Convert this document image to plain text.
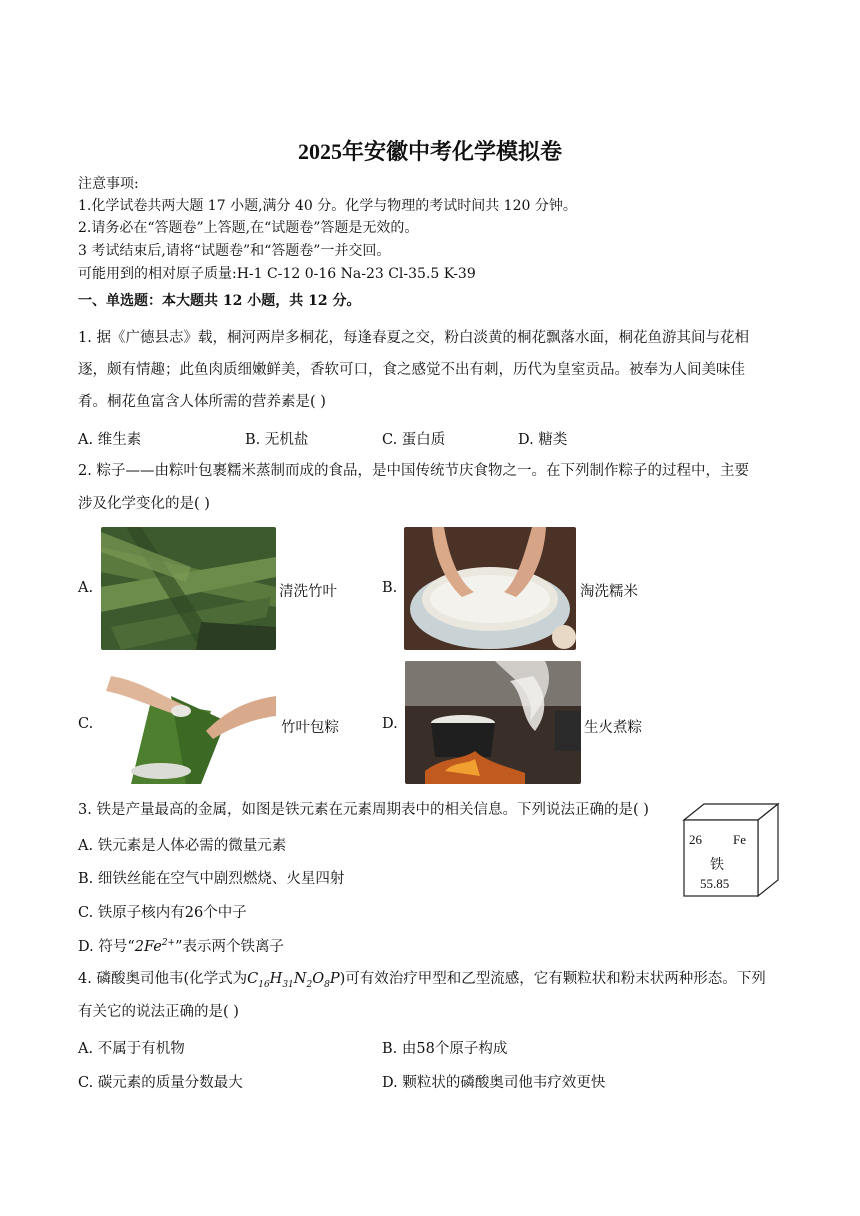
2025年安徽中考化学模拟卷
注意事项:
1.化学试卷共两大题 17 小题,满分 40 分。化学与物理的考试时间共 120 分钟。
2.请务必在“答题卷”上答题,在“试题卷”答题是无效的。
3 考试结束后,请将“试题卷”和“答题卷”一并交回。
可能用到的相对原子质量:H-1 C-12 0-16 Na-23 Cl-35.5 K-39
一、单选题：本大题共 12 小题，共 12 分。
1. 据《广德县志》载，桐河两岸多桐花，每逢春夏之交，粉白淡黄的桐花飘落水面，桐花鱼游其间与花相
逐，颇有情趣；此鱼肉质细嫩鲜美，香软可口，食之感觉不出有刺，历代为皇室贡品。被奉为人间美味佳
肴。桐花鱼富含人体所需的营养素是( )
A. 维生素	B. 无机盐	C. 蛋白质	D. 糖类
2. 粽子——由粽叶包裹糯米蒸制而成的食品，是中国传统节庆食物之一。在下列制作粽子的过程中，主要
涉及化学变化的是( )
A.	清洗竹叶	B.	淘洗糯米
C.	竹叶包粽	D.	生火煮粽
3. 铁是产量最高的金属，如图是铁元素在元素周期表中的相关信息。下列说法正确的是( )
A. 铁元素是人体必需的微量元素
B. 细铁丝能在空气中剧烈燃烧、火星四射
C. 铁原子核内有26个中子
D. 符号“$2Fe^{2+}$”表示两个铁离子
26 Fe
铁
55.85
4. 磷酸奥司他韦(化学式为$C_{16}H_{31}N_2O_8P$)可有效治疗甲型和乙型流感，它有颗粒状和粉末状两种形态。下列
有关它的说法正确的是( )
A. 不属于有机物	B. 由58个原子构成
C. 碳元素的质量分数最大	D. 颗粒状的磷酸奥司他韦疗效更快
